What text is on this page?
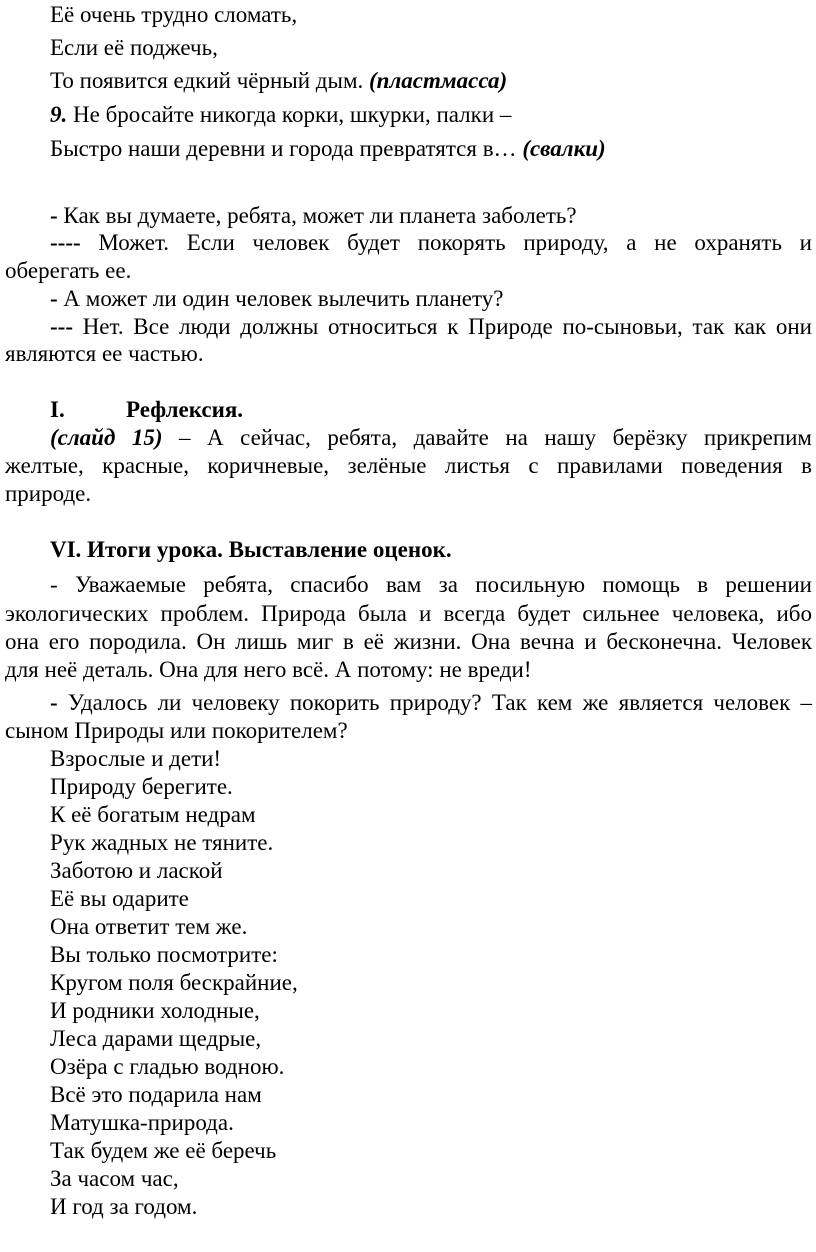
Её очень трудно сломать,

Если её поджечь,

То появится едкий чёрный дым. (пластмасса)

9. Не бросайте никогда корки, шкурки, палки –

Быстро наши деревни и города превратятся в… (свалки)

- Как вы думаете, ребята, может ли планета заболеть?

---- Может. Если человек будет покорять природу, а не охранять и

оберегать ее.

- А может ли один человек вылечить планету?

--- Нет. Все люди должны относиться к Природе по-сыновьи, так как они

являются ее частью.

I.	Рефлексия.

(слайд 15) – А сейчас, ребята, давайте на нашу берёзку прикрепим

желтые, красные, коричневые, зелёные листья с правилами поведения в

природе.

VI. Итоги урока. Выставление оценок.

- Уважаемые ребята, спасибо вам за посильную помощь в решении

экологических проблем. Природа была и всегда будет сильнее человека, ибо

она его породила. Он лишь миг в её жизни. Она вечна и бесконечна. Человек

для неё деталь. Она для него всё. А потому: не вреди!

- Удалось ли человеку покорить природу? Так кем же является человек –

сыном Природы или покорителем?

Взрослые и дети!

Природу берегите.

К её богатым недрам

Рук жадных не тяните.

Заботою и лаской

Её вы одарите

Она ответит тем же.

Вы только посмотрите:

Кругом поля бескрайние,

И родники холодные,

Леса дарами щедрые,

Озёра с гладью водною.

Всё это подарила нам

Матушка-природа.

Так будем же её беречь

За часом час,

И год за годом.
